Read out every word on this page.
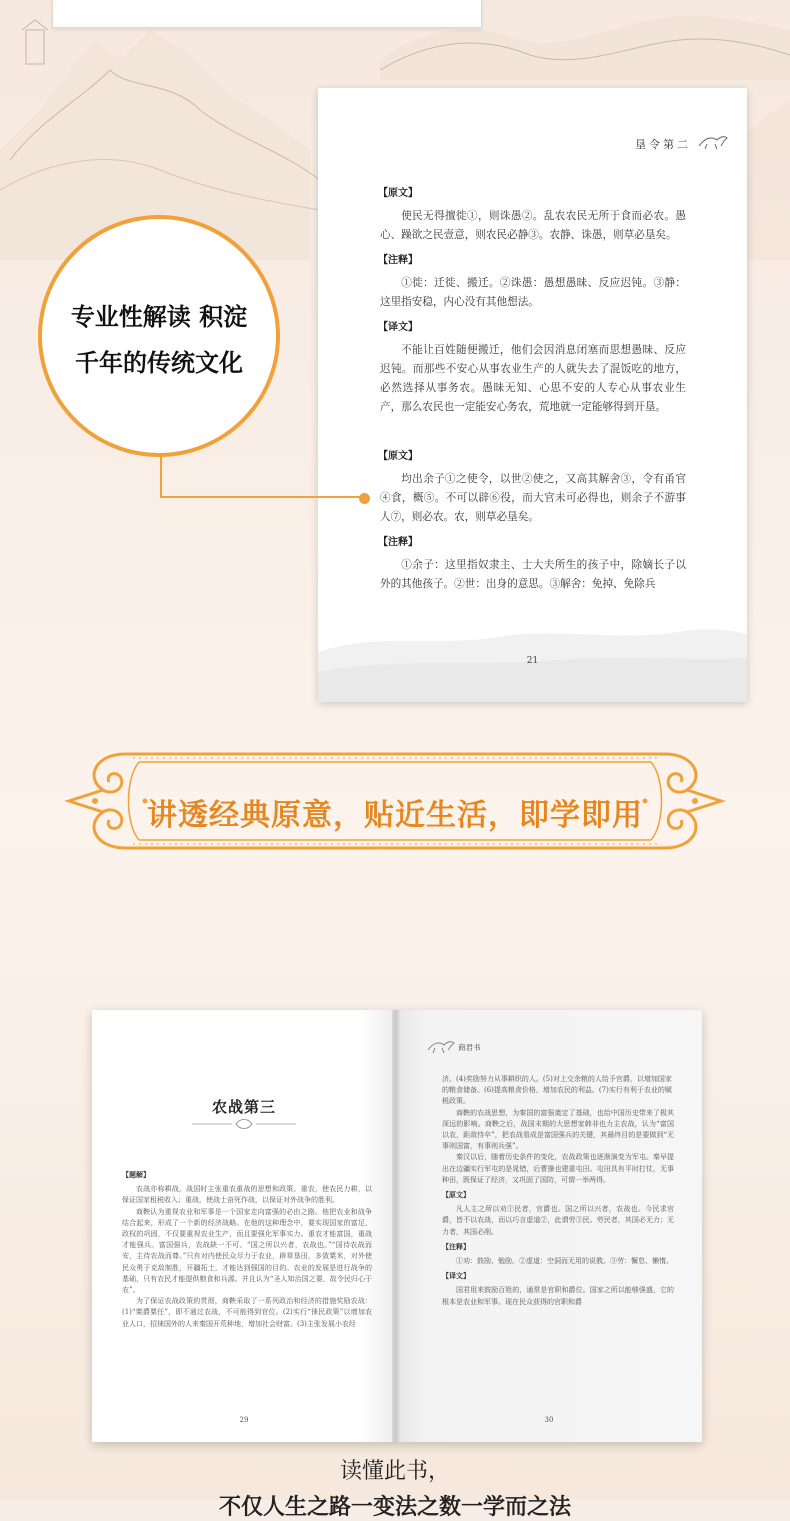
垦令第二
【原文】
使民无得擅徙①，则诛愚②。乱农农民无所于食而必农。愚心、躁欲之民壹意，则农民必静③。农静、诛愚，则草必垦矣。
【注释】
①徙：迁徙、搬迁。②诛愚：愚想愚昧、反应迟钝。③静：这里指安稳，内心没有其他想法。
【译文】
不能让百姓随便搬迁，他们会因消息闭塞而思想愚昧、反应迟钝。而那些不安心从事农业生产的人就失去了混饭吃的地方，必然选择从事务农。愚昧无知、心思不安的人专心从事农业生产，那么农民也一定能安心务农，荒地就一定能够得到开垦。
【原文】
均出余子①之使令，以世②使之，又高其解舍③，令有甬官④食，概⑤。不可以辟⑥役，而大官未可必得也，则余子不游事人⑦，则必农。农，则草必垦矣。
【注释】
①余子：这里指奴隶主、士大夫所生的孩子中，除嫡长子以外的其他孩子。②世：出身的意思。③解舍：免掉、免除兵
21
专业性解读 积淀
千年的传统文化
讲透经典原意，贴近生活，即学即用
农战第三
【题解】
农战亦称耕战，战国时主张重农重战的思想和政策。重农，使农民力耕，以保证国家租税收入；重战，使战士奋死作战，以保证对外战争的胜利。
商鞅认为重视农业和军事是一个国家走向富强的必由之路。他把农业和战争结合起来，形成了一个新的经济战略。在他的这种理念中，要实现国家的富足，政权的巩固，不仅要重视农业生产，而且要强化军事实力。重农才能富国，重战才能强兵。富国强兵，农战缺一不可。“国之所以兴者，农战也。”“国待农战而安，主待农战而尊。”只有对内使民众尽力于农业，辟草垦田，多敛粟米，对外使民众勇于克敌制胜，开疆拓土，才能达到强国的目的。农业的发展是进行战争的基础，只有农民才能提供粮食和兵源。并且认为“圣人知治国之要，故令民归心于农”。
为了保证农战政策的贯彻，商鞅采取了一系列政治和经济的措施奖励农战：(1)“粟爵粟任”，即不通过农战，不可能得到官位。(2)实行“徕民政策”以增加农业人口，招徕国外的人来秦国开荒种地，增加社会财富。(3)主张发展小农经
29
商君书
济。(4)奖励努力从事耕织的人。(5)对上交余粮的人给予官爵，以增加国家的粮食储备。(6)提高粮食价格，增加农民的利益。(7)实行有利于农业的赋税政策。
商鞅的农战思想，为秦国的富强奠定了基础，也给中国历史带来了极其深远的影响。商鞅之后，战国末期的大思想家韩非也力主农战，认为“富国以农，距敌恃卒”，把农战看成是富国强兵的关键，其最终目的是要做到“无事则国富，有事则兵强”。
秦汉以后，随着历史条件的变化，农战政策也逐渐演变为军屯。秦早提出在边疆实行军屯的是晁错，后曹操也建重屯田。屯田具有平时打仗，无事种田，既保证了经济，又巩固了国防，可谓一举两得。
【原文】
凡人主之所以劝①民者，官爵也。国之所以兴者，农战也。今民求官爵，皆不以农战，而以巧言虚道②，此谓劳③民。劳民者，其国必无力；无力者，其国必削。
【注释】
①劝：鼓励、勉励。②虚道：空洞而无用的说教。③劳：懈怠、懒惰。
【译文】
国君用来鼓励百姓的，通常是官职和爵位。国家之所以能够强盛，它的根本是农业和军事。现在民众获得的官职和爵
30
读懂此书，
不仅人生之路一变法之数一学而之法
